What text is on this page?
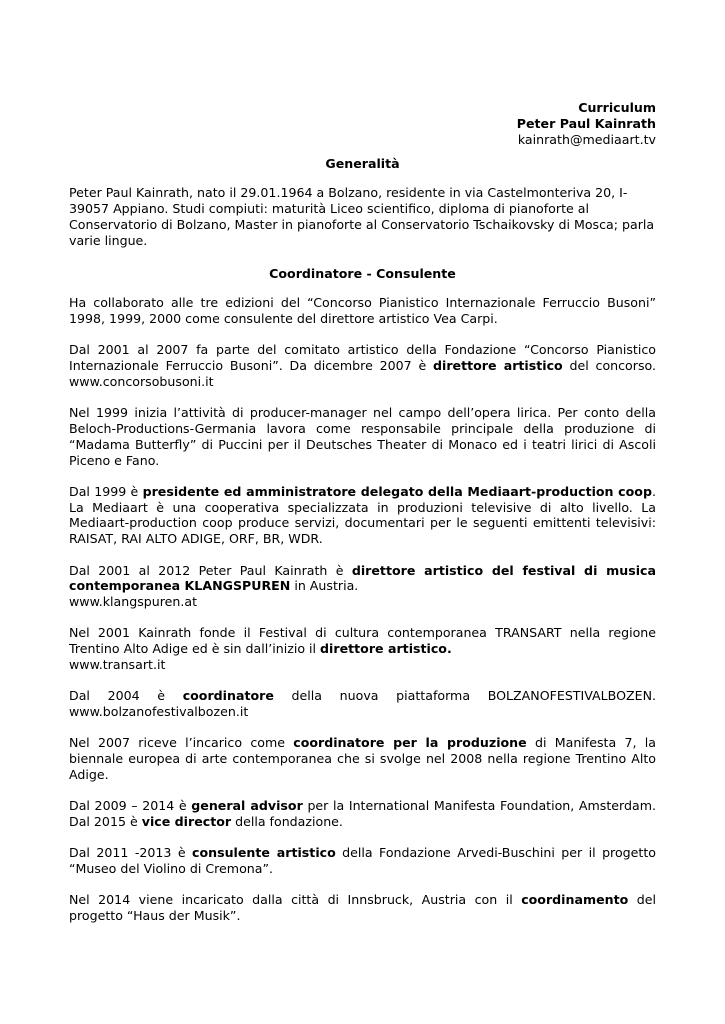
Curriculum
Peter Paul Kainrath
kainrath@mediaart.tv
Generalità

Peter Paul Kainrath, nato il 29.01.1964 a Bolzano, residente in via Castelmonteriva 20, I-39057 Appiano. Studi compiuti: maturità Liceo scientifico, diploma di pianoforte al Conservatorio di Bolzano, Master in pianoforte al Conservatorio Tschaikovsky di Mosca; parla varie lingue.

Coordinatore - Consulente

Ha collaborato alle tre edizioni del “Concorso Pianistico Internazionale Ferruccio Busoni” 1998, 1999, 2000 come consulente del direttore artistico Vea Carpi.

Dal 2001 al 2007 fa parte del comitato artistico della Fondazione “Concorso Pianistico Internazionale Ferruccio Busoni”. Da dicembre 2007 è direttore artistico del concorso. www.concorsobusoni.it

Nel 1999 inizia l’attività di producer-manager nel campo dell’opera lirica. Per conto della Beloch-Productions-Germania lavora come responsabile principale della produzione di “Madama Butterfly” di Puccini per il Deutsches Theater di Monaco ed i teatri lirici di Ascoli Piceno e Fano.

Dal 1999 è presidente ed amministratore delegato della Mediaart-production coop. La Mediaart è una cooperativa specializzata in produzioni televisive di alto livello. La Mediaart-production coop produce servizi, documentari per le seguenti emittenti televisivi: RAISAT, RAI ALTO ADIGE, ORF, BR, WDR.

Dal 2001 al 2012 Peter Paul Kainrath è direttore artistico del festival di musica contemporanea KLANGSPUREN in Austria.
www.klangspuren.at

Nel 2001 Kainrath fonde il Festival di cultura contemporanea TRANSART nella regione Trentino Alto Adige ed è sin dall’inizio il direttore artistico.
www.transart.it

Dal 2004 è coordinatore della nuova piattaforma BOLZANOFESTIVALBOZEN.

www.bolzanofestivalbozen.it

Nel 2007 riceve l’incarico come coordinatore per la produzione di Manifesta 7, la biennale europea di arte contemporanea che si svolge nel 2008 nella regione Trentino Alto Adige.

Dal 2009 – 2014 è general advisor per la International Manifesta Foundation, Amsterdam. Dal 2015 è vice director della fondazione.

Dal 2011 -2013 è consulente artistico della Fondazione Arvedi-Buschini per il progetto “Museo del Violino di Cremona”.

Nel 2014 viene incaricato dalla città di Innsbruck, Austria con il coordinamento del progetto “Haus der Musik”.
